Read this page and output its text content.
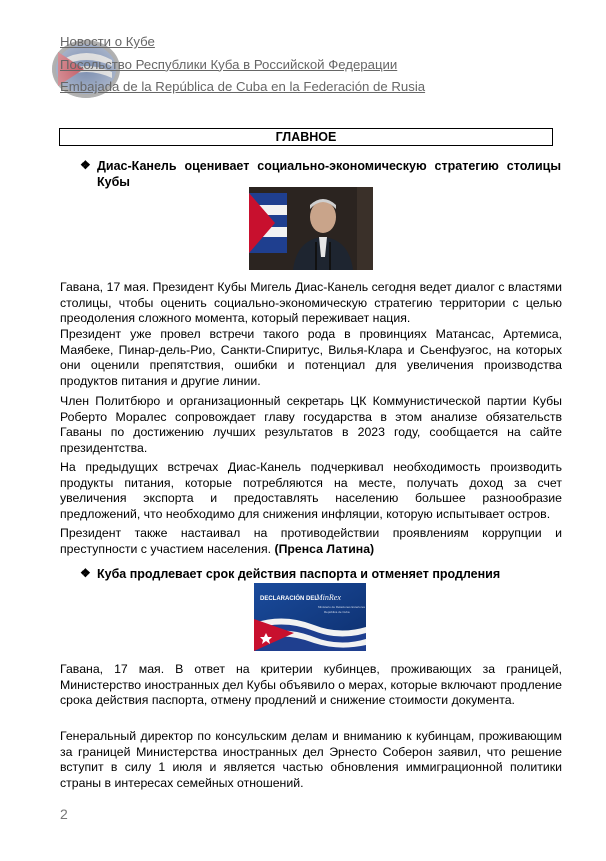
Новости о Кубе
Посольство Республики Куба в Российской Федерации
Embajada de la República de Cuba en la Federación de Rusia
ГЛАВНОЕ
❖ Диас-Канель оценивает социально-экономическую стратегию столицы Кубы

Гавана, 17 мая. Президент Кубы Мигель Диас-Канель сегодня ведет диалог с властями столицы, чтобы оценить социально-экономическую стратегию территории с целью преодоления сложного момента, который переживает нация.

Президент уже провел встречи такого рода в провинциях Матансас, Артемиса, Маябеке, Пинар-дель-Рио, Санкти-Спиритус, Вилья-Клара и Сьенфуэгос, на которых они оценили препятствия, ошибки и потенциал для увеличения производства продуктов питания и другие линии.

Член Политбюро и организационный секретарь ЦК Коммунистической партии Кубы Роберто Моралес сопровождает главу государства в этом анализе обязательств Гаваны по достижению лучших результатов в 2023 году, сообщается на сайте президентства.

На предыдущих встречах Диас-Канель подчеркивал необходимость производить продукты питания, которые потребляются на месте, получать доход за счет увеличения экспорта и предоставлять населению большее разнообразие предложений, что необходимо для снижения инфляции, которую испытывает остров.

Президент также настаивал на противодействии проявлениям коррупции и преступности с участием населения. (Пренса Латина)

❖ Куба продлевает срок действия паспорта и отменяет продления
DECLARACIÓN DEL
MinRex
Ministerio de Relaciones Exteriores
República de Cuba

Гавана, 17 мая. В ответ на критерии кубинцев, проживающих за границей, Министерство иностранных дел Кубы объявило о мерах, которые включают продление срока действия паспорта, отмену продлений и снижение стоимости документа.

Генеральный директор по консульским делам и вниманию к кубинцам, проживающим за границей Министерства иностранных дел Эрнесто Соберон заявил, что решение вступит в силу 1 июля и является частью обновления иммиграционной политики страны в интересах семейных отношений.

2
